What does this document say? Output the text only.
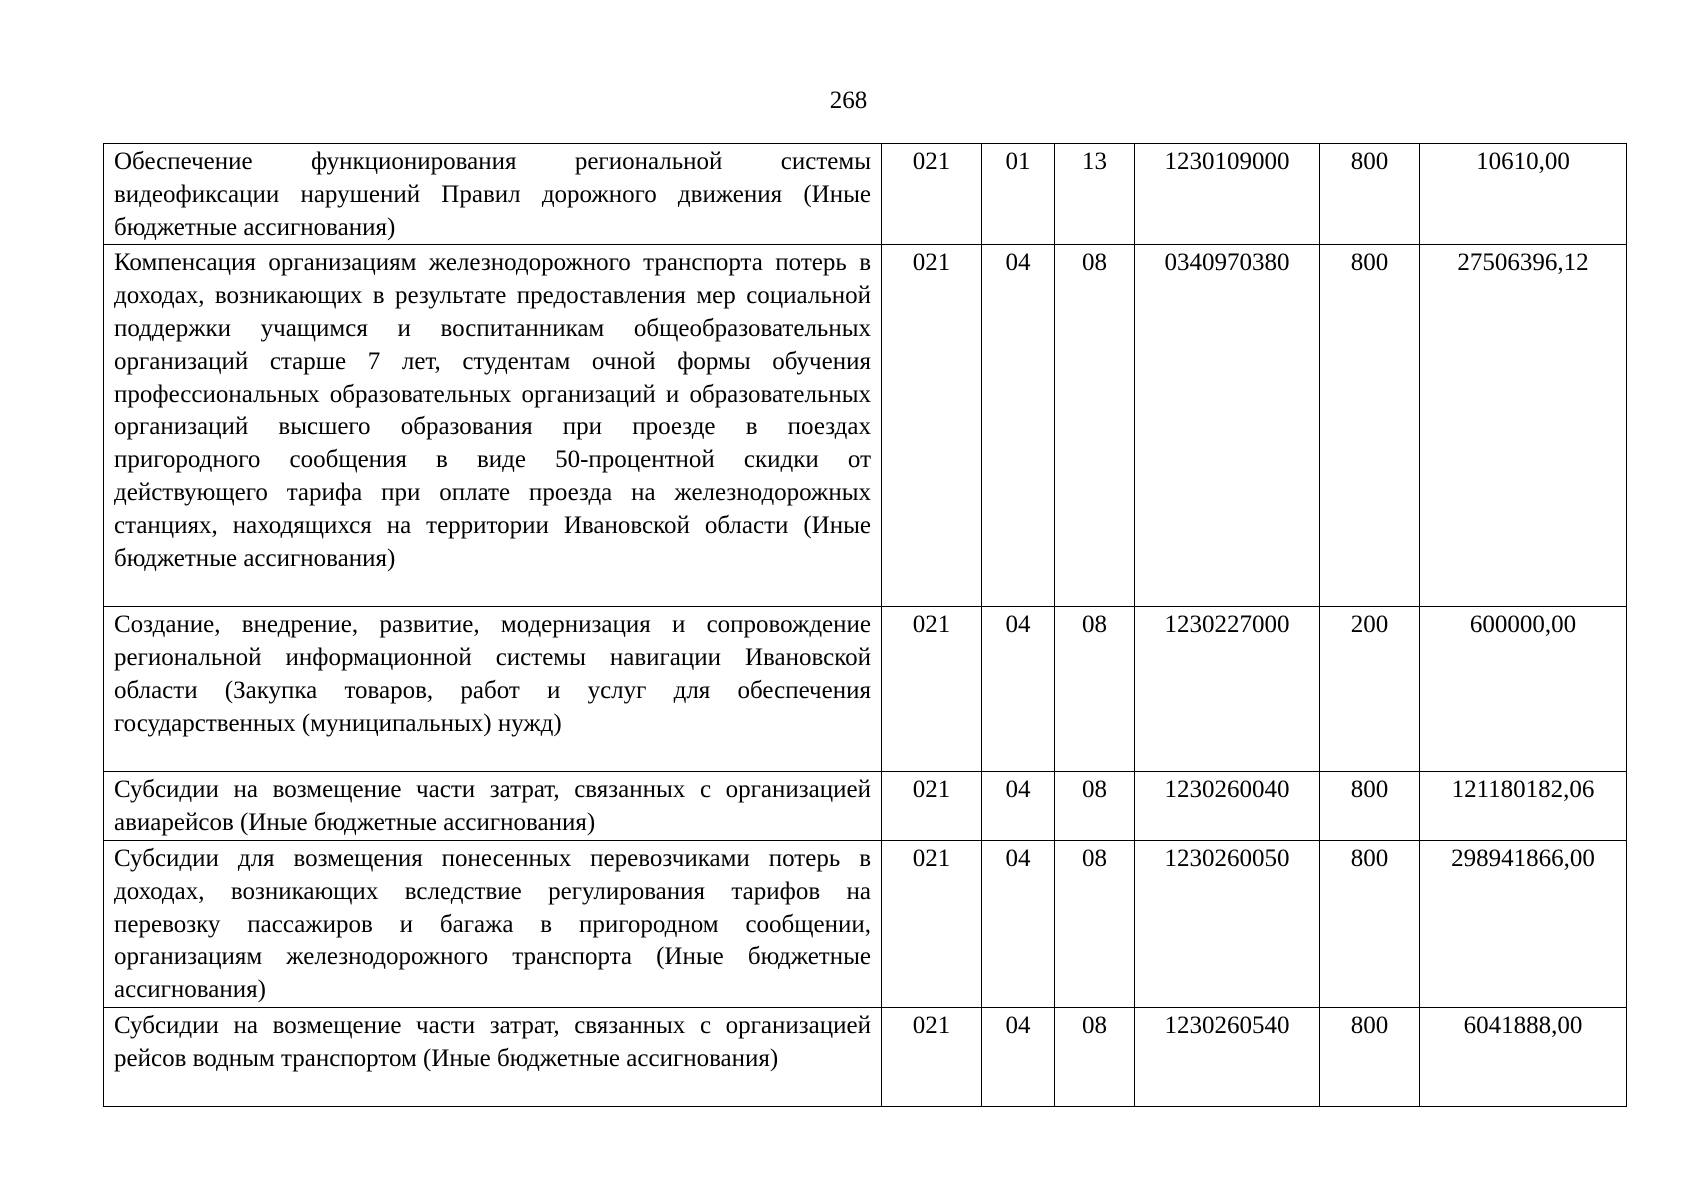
268
Обеспечение функционирования региональной системы видеофиксации нарушений Правил дорожного движения (Иные бюджетные ассигнования)	021	01	13	1230109000	800	10610,00
Компенсация организациям железнодорожного транспорта потерь в доходах, возникающих в результате предоставления мер социальной поддержки учащимся и воспитанникам общеобразовательных организаций старше 7 лет, студентам очной формы обучения профессиональных образовательных организаций и образовательных организаций высшего образования при проезде в поездах пригородного сообщения в виде 50-процентной скидки от действующего тарифа при оплате проезда на железнодорожных станциях, находящихся на территории Ивановской области (Иные бюджетные ассигнования)	021	04	08	0340970380	800	27506396,12
Создание, внедрение, развитие, модернизация и сопровождение региональной информационной системы навигации Ивановской области (Закупка товаров, работ и услуг для обеспечения государственных (муниципальных) нужд)	021	04	08	1230227000	200	600000,00
Субсидии на возмещение части затрат, связанных с организацией авиарейсов (Иные бюджетные ассигнования)	021	04	08	1230260040	800	121180182,06
Субсидии для возмещения понесенных перевозчиками потерь в доходах, возникающих вследствие регулирования тарифов на перевозку пассажиров и багажа в пригородном сообщении, организациям железнодорожного транспорта (Иные бюджетные ассигнования)	021	04	08	1230260050	800	298941866,00
Субсидии на возмещение части затрат, связанных с организацией рейсов водным транспортом (Иные бюджетные ассигнования)	021	04	08	1230260540	800	6041888,00
